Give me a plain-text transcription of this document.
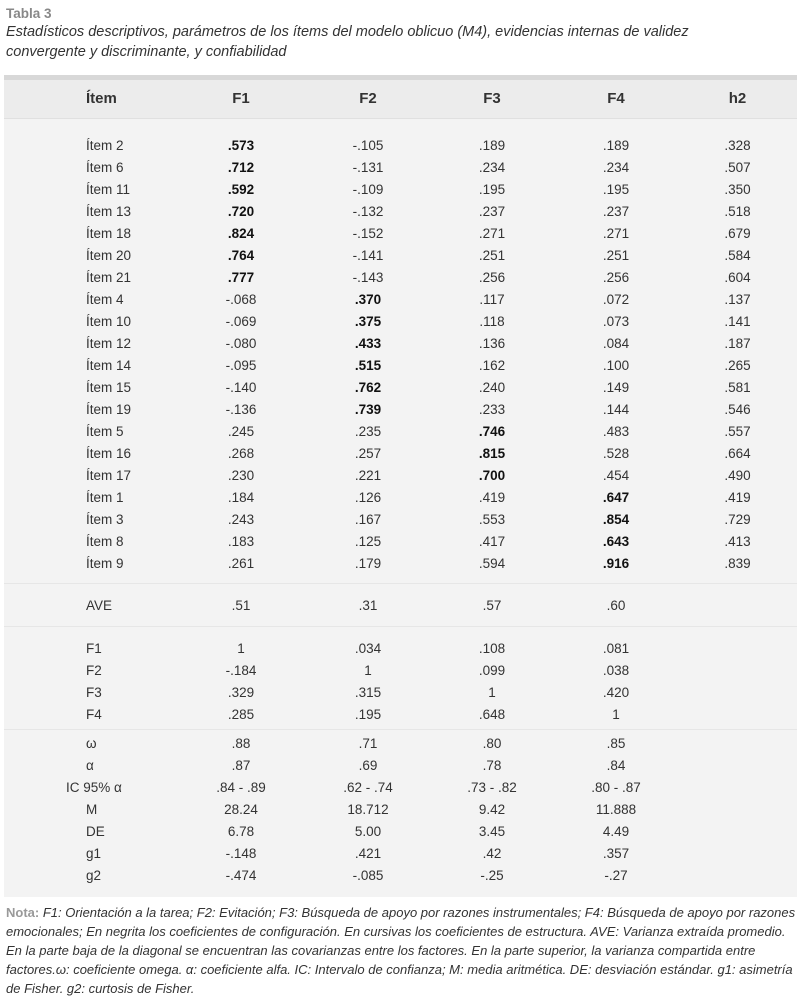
Tabla 3
Estadísticos descriptivos, parámetros de los ítems del modelo oblicuo (M4), evidencias internas de validez
convergente y discriminante, y confiabilidad
Ítem	F1	F2	F3	F4	h2

Ítem 2	.573	-.105	.189	.189	.328
Ítem 6	.712	-.131	.234	.234	.507
Ítem 11	.592	-.109	.195	.195	.350
Ítem 13	.720	-.132	.237	.237	.518
Ítem 18	.824	-.152	.271	.271	.679
Ítem 20	.764	-.141	.251	.251	.584
Ítem 21	.777	-.143	.256	.256	.604
Ítem 4	-.068	.370	.117	.072	.137
Ítem 10	-.069	.375	.118	.073	.141
Ítem 12	-.080	.433	.136	.084	.187
Ítem 14	-.095	.515	.162	.100	.265
Ítem 15	-.140	.762	.240	.149	.581
Ítem 19	-.136	.739	.233	.144	.546
Ítem 5	.245	.235	.746	.483	.557
Ítem 16	.268	.257	.815	.528	.664
Ítem 17	.230	.221	.700	.454	.490
Ítem 1	.184	.126	.419	.647	.419
Ítem 3	.243	.167	.553	.854	.729
Ítem 8	.183	.125	.417	.643	.413
Ítem 9	.261	.179	.594	.916	.839

AVE	.51	.31	.57	.60	

F1	1	.034	.108	.081	
F2	-.184	1	.099	.038	
F3	.329	.315	1	.420	
F4	.285	.195	.648	1	

ω	.88	.71	.80	.85	
α	.87	.69	.78	.84	
IC 95% α	.84 - .89	.62 - .74	.73 - .82	.80 - .87	
M	28.24	18.712	9.42	11.888	
DE	6.78	5.00	3.45	4.49	
g1	-.148	.421	.42	.357	
g2	-.474	-.085	-.25	-.27	

Nota: F1: Orientación a la tarea; F2: Evitación; F3: Búsqueda de apoyo por razones instrumentales; F4: Búsqueda de apoyo por razones emocionales; En negrita los coeficientes de configuración. En cursivas los coeficientes de estructura. AVE: Varianza extraída promedio. En la parte baja de la diagonal se encuentran las covarianzas entre los factores. En la parte superior, la varianza compartida entre factores.ω: coeficiente omega. α: coeficiente alfa. IC: Intervalo de confianza; M: media aritmética. DE: desviación estándar. g1: asimetría de Fisher. g2: curtosis de Fisher.
